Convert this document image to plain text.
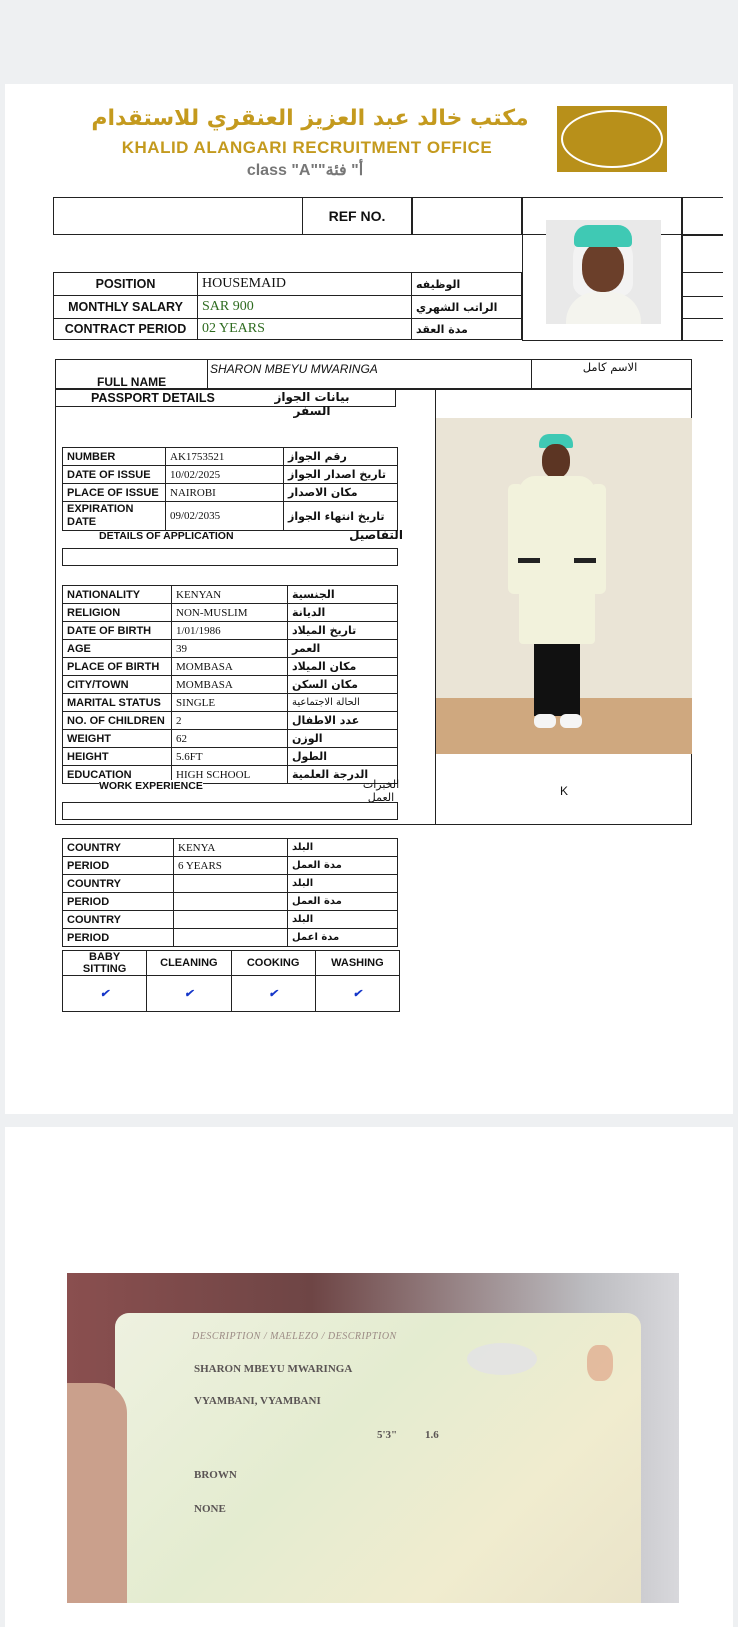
مكتب خالد عبد العزيز العنقري للاستقدام
KHALID ALANGARI RECRUITMENT OFFICE
class "A""أ" فئة
REF NO.
POSITION	HOUSEMAID	الوظيفه
MONTHLY SALARY	SAR 900	الراتب الشهري
CONTRACT PERIOD	02 YEARS	مدة العقد
FULL NAME
SHARON MBEYU MWARINGA	الاسم كامل
PASSPORT DETAILS	بيانات الجواز السفر
NUMBER	AK1753521	رقم الجواز
DATE OF ISSUE	10/02/2025	تاريخ اصدار الجواز
PLACE OF ISSUE	NAIROBI	مكان الاصدار
EXPIRATION DATE	09/02/2035	تاريخ انتهاء الجواز
DETAILS OF APPLICATION	التفاصيل
NATIONALITY	KENYAN	الجنسية
RELIGION	NON-MUSLIM	الديانة
DATE OF BIRTH	1/01/1986	تاريخ الميلاد
AGE	39	العمر
PLACE OF BIRTH	MOMBASA	مكان الميلاد
CITY/TOWN	MOMBASA	مكان السكن
MARITAL STATUS	SINGLE	الحالة الاجتماعية
NO. OF CHILDREN	2	عدد الاطفال
WEIGHT	62	الوزن
HEIGHT	5.6FT	الطول
EDUCATION	HIGH SCHOOL	الدرجة العلمية
WORK EXPERIENCE	الخبرات العمل	K
COUNTRY	KENYA	البلد
PERIOD	6 YEARS	مدة العمل
COUNTRY		البلد
PERIOD		مدة العمل
COUNTRY		البلد
PERIOD		مدة اعمل
BABY SITTING	CLEANING	COOKING	WASHING
✔	✔	✔	✔
DESCRIPTION / MAELEZO / DESCRIPTION
SHARON MBEYU MWARINGA
VYAMBANI, VYAMBANI
5'3"	1.6
BROWN
NONE
